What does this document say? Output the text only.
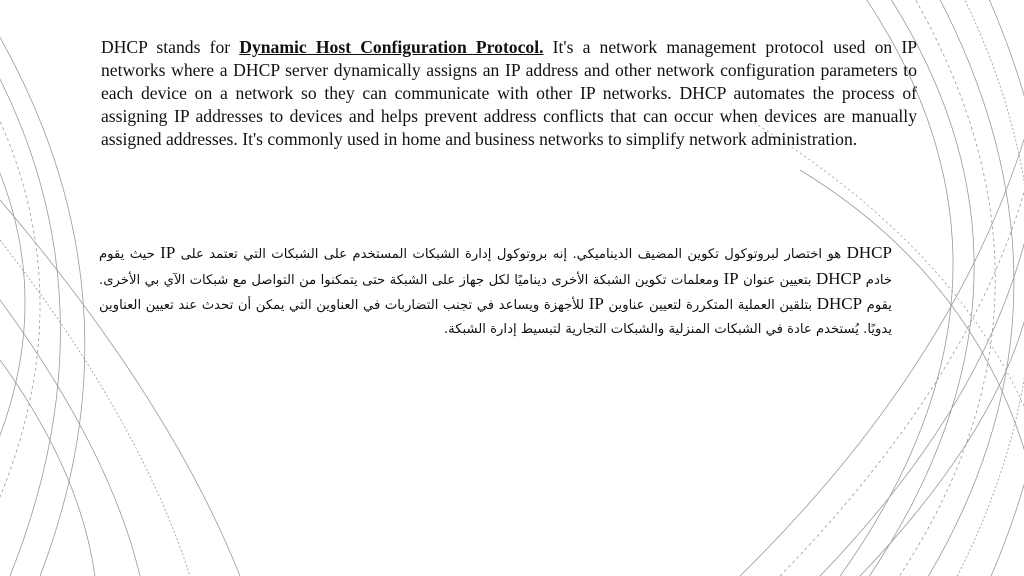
DHCP stands for Dynamic Host Configuration Protocol. It's a network management protocol used on IP networks where a DHCP server dynamically assigns an IP address and other network configuration parameters to each device on a network so they can communicate with other IP networks. DHCP automates the process of assigning IP addresses to devices and helps prevent address conflicts that can occur when devices are manually assigned addresses. It's commonly used in home and business networks to simplify network administration.

DHCP هو اختصار لبروتوكول تكوين المضيف الديناميكي. إنه بروتوكول إدارة الشبكات المستخدم على الشبكات التي تعتمد على IP حيث يقوم خادم DHCP بتعيين عنوان IP ومعلمات تكوين الشبكة الأخرى ديناميًا لكل جهاز على الشبكة حتى يتمكنوا من التواصل مع شبكات الآي بي الأخرى. يقوم DHCP بتلقين العملية المتكررة لتعيين عناوين IP للأجهزة ويساعد في تجنب التضاربات في العناوين التي يمكن أن تحدث عند تعيين العناوين يدويًا. يُستخدم عادة في الشبكات المنزلية والشبكات التجارية لتبسيط إدارة الشبكة.
